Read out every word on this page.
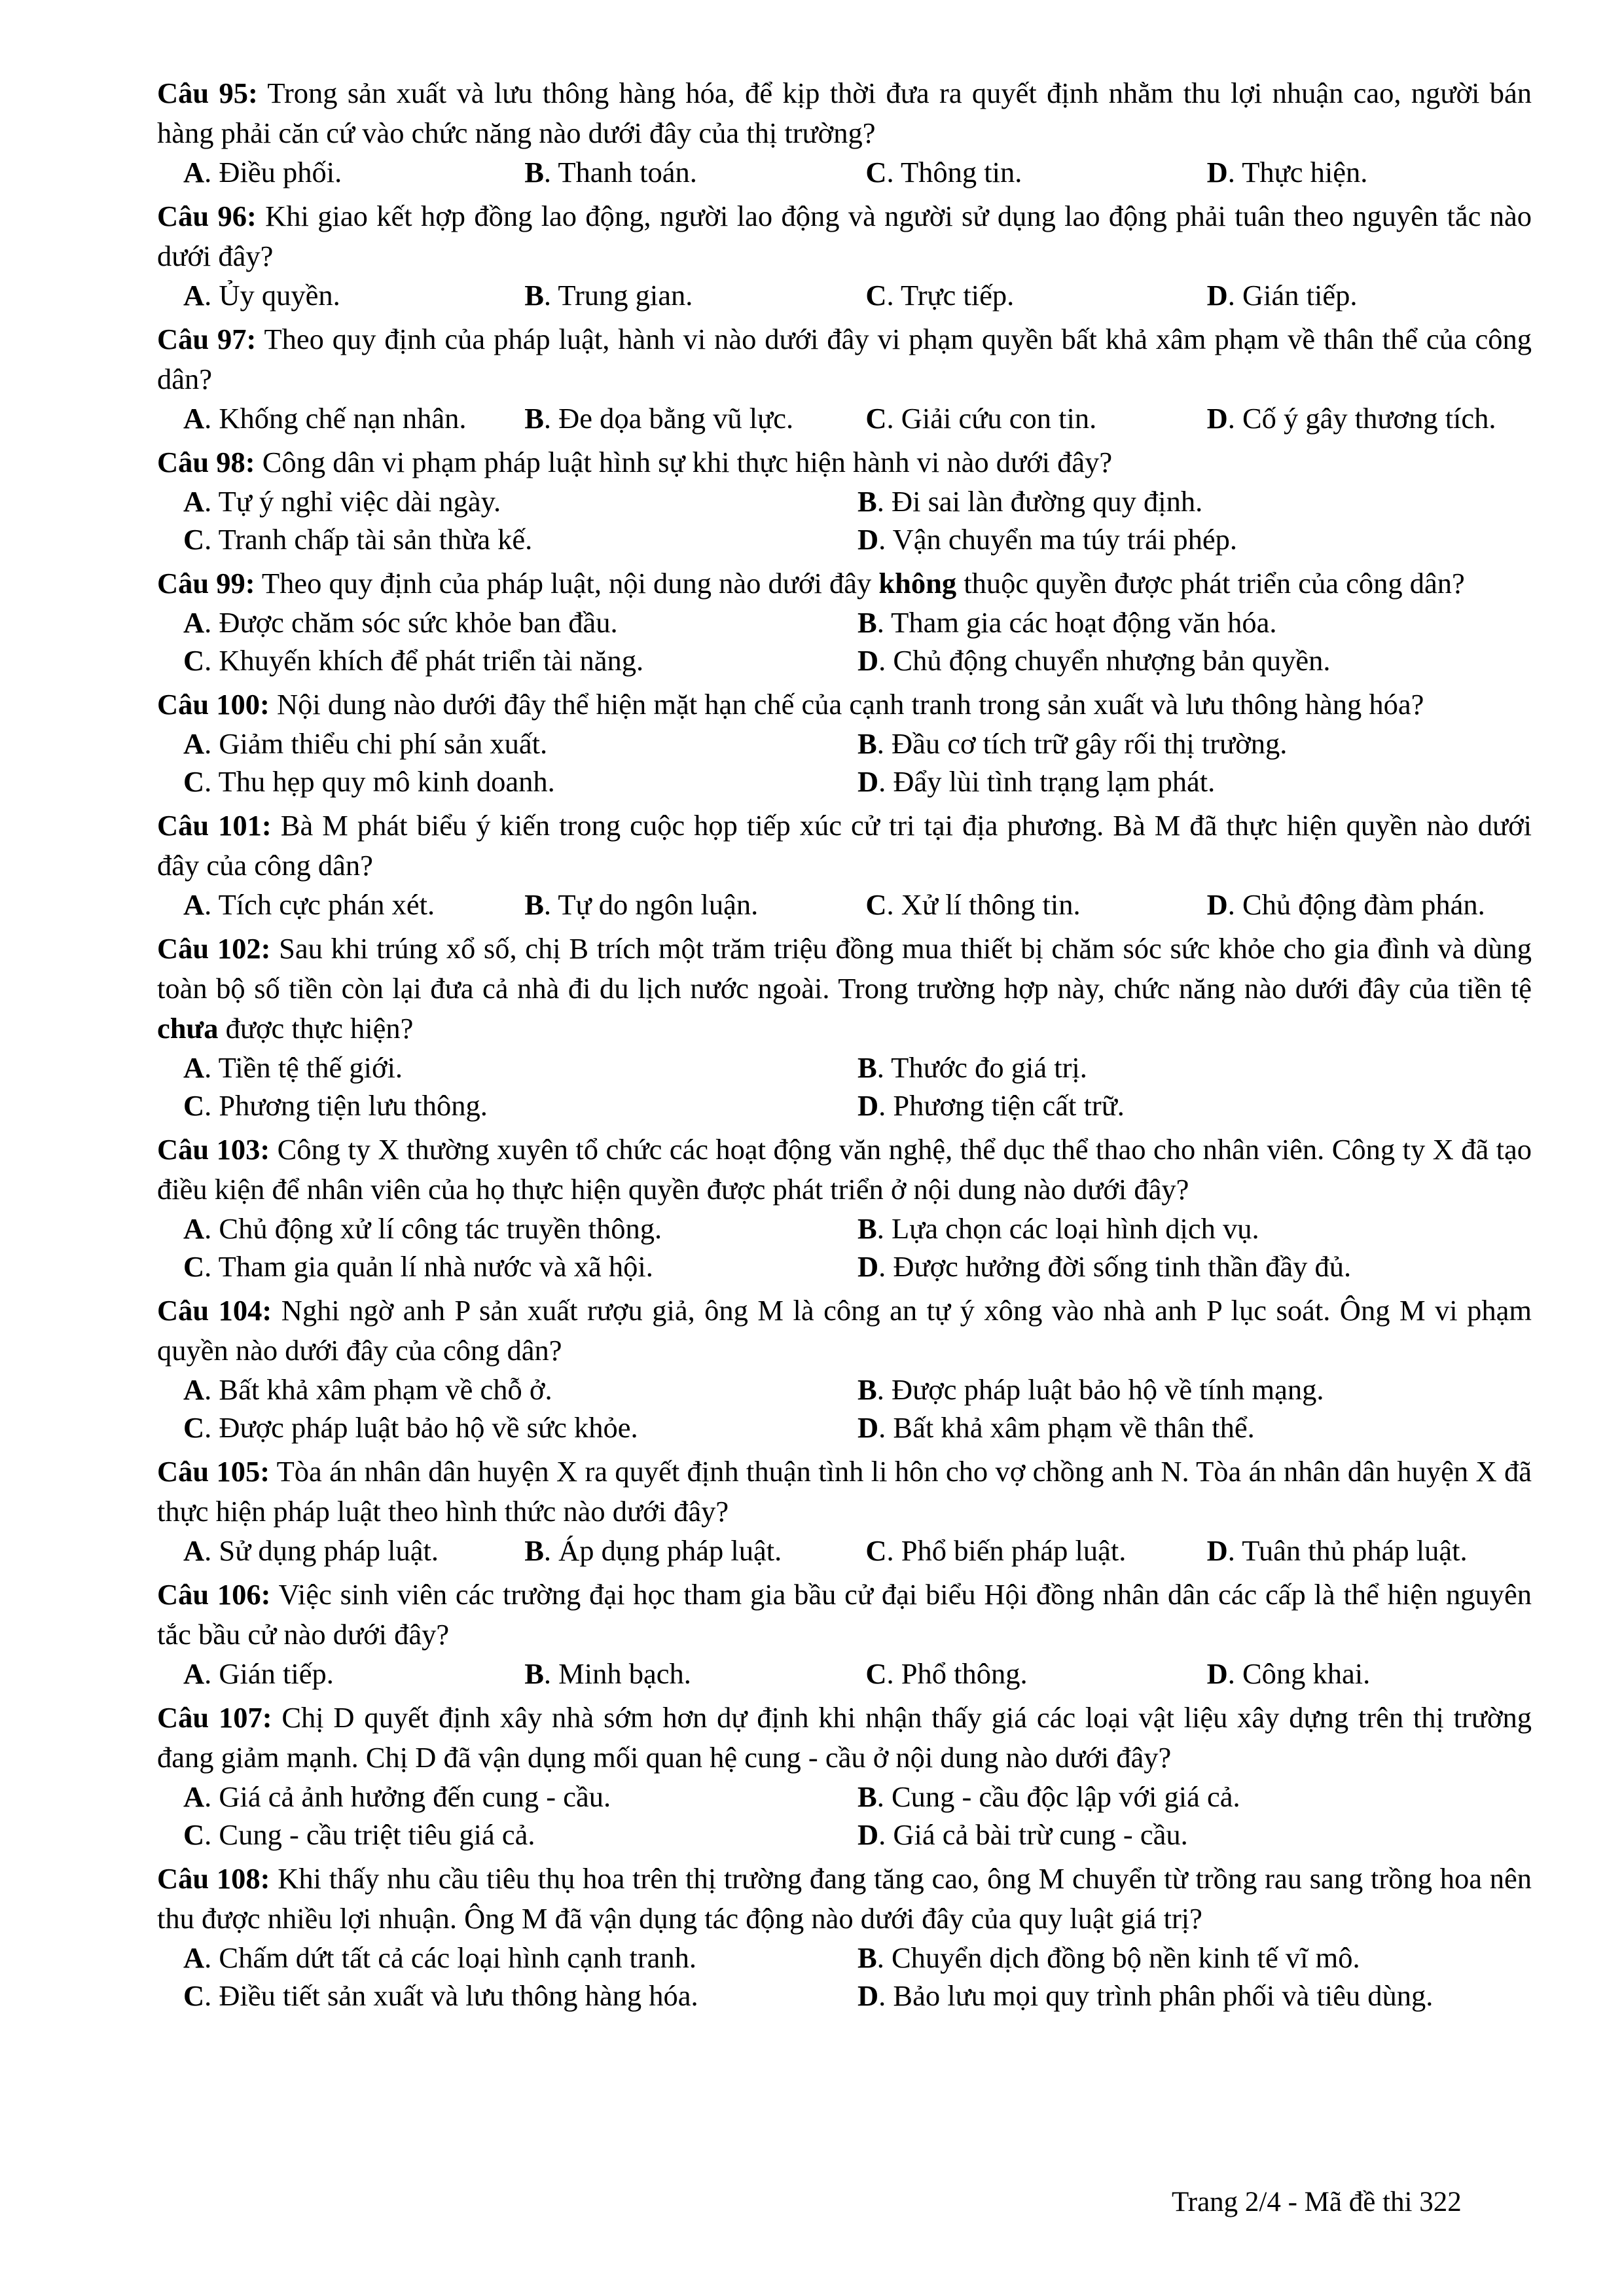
Câu 95: Trong sản xuất và lưu thông hàng hóa, để kịp thời đưa ra quyết định nhằm thu lợi nhuận cao, người bán hàng phải căn cứ vào chức năng nào dưới đây của thị trường?
A. Điều phối.	B. Thanh toán.	C. Thông tin.	D. Thực hiện.
Câu 96: Khi giao kết hợp đồng lao động, người lao động và người sử dụng lao động phải tuân theo nguyên tắc nào dưới đây?
A. Ủy quyền.	B. Trung gian.	C. Trực tiếp.	D. Gián tiếp.
Câu 97: Theo quy định của pháp luật, hành vi nào dưới đây vi phạm quyền bất khả xâm phạm về thân thể của công dân?
A. Khống chế nạn nhân.	B. Đe dọa bằng vũ lực.	C. Giải cứu con tin.	D. Cố ý gây thương tích.
Câu 98: Công dân vi phạm pháp luật hình sự khi thực hiện hành vi nào dưới đây?
A. Tự ý nghỉ việc dài ngày.	B. Đi sai làn đường quy định.
C. Tranh chấp tài sản thừa kế.	D. Vận chuyển ma túy trái phép.
Câu 99: Theo quy định của pháp luật, nội dung nào dưới đây không thuộc quyền được phát triển của công dân?
A. Được chăm sóc sức khỏe ban đầu.	B. Tham gia các hoạt động văn hóa.
C. Khuyến khích để phát triển tài năng.	D. Chủ động chuyển nhượng bản quyền.
Câu 100: Nội dung nào dưới đây thể hiện mặt hạn chế của cạnh tranh trong sản xuất và lưu thông hàng hóa?
A. Giảm thiểu chi phí sản xuất.	B. Đầu cơ tích trữ gây rối thị trường.
C. Thu hẹp quy mô kinh doanh.	D. Đẩy lùi tình trạng lạm phát.
Câu 101: Bà M phát biểu ý kiến trong cuộc họp tiếp xúc cử tri tại địa phương. Bà M đã thực hiện quyền nào dưới đây của công dân?
A. Tích cực phán xét.	B. Tự do ngôn luận.	C. Xử lí thông tin.	D. Chủ động đàm phán.
Câu 102: Sau khi trúng xổ số, chị B trích một trăm triệu đồng mua thiết bị chăm sóc sức khỏe cho gia đình và dùng toàn bộ số tiền còn lại đưa cả nhà đi du lịch nước ngoài. Trong trường hợp này, chức năng nào dưới đây của tiền tệ chưa được thực hiện?
A. Tiền tệ thế giới.	B. Thước đo giá trị.
C. Phương tiện lưu thông.	D. Phương tiện cất trữ.
Câu 103: Công ty X thường xuyên tổ chức các hoạt động văn nghệ, thể dục thể thao cho nhân viên. Công ty X đã tạo điều kiện để nhân viên của họ thực hiện quyền được phát triển ở nội dung nào dưới đây?
A. Chủ động xử lí công tác truyền thông.	B. Lựa chọn các loại hình dịch vụ.
C. Tham gia quản lí nhà nước và xã hội.	D. Được hưởng đời sống tinh thần đầy đủ.
Câu 104: Nghi ngờ anh P sản xuất rượu giả, ông M là công an tự ý xông vào nhà anh P lục soát. Ông M vi phạm quyền nào dưới đây của công dân?
A. Bất khả xâm phạm về chỗ ở.	B. Được pháp luật bảo hộ về tính mạng.
C. Được pháp luật bảo hộ về sức khỏe.	D. Bất khả xâm phạm về thân thể.
Câu 105: Tòa án nhân dân huyện X ra quyết định thuận tình li hôn cho vợ chồng anh N. Tòa án nhân dân huyện X đã thực hiện pháp luật theo hình thức nào dưới đây?
A. Sử dụng pháp luật.	B. Áp dụng pháp luật.	C. Phổ biến pháp luật.	D. Tuân thủ pháp luật.
Câu 106: Việc sinh viên các trường đại học tham gia bầu cử đại biểu Hội đồng nhân dân các cấp là thể hiện nguyên tắc bầu cử nào dưới đây?
A. Gián tiếp.	B. Minh bạch.	C. Phổ thông.	D. Công khai.
Câu 107: Chị D quyết định xây nhà sớm hơn dự định khi nhận thấy giá các loại vật liệu xây dựng trên thị trường đang giảm mạnh. Chị D đã vận dụng mối quan hệ cung - cầu ở nội dung nào dưới đây?
A. Giá cả ảnh hưởng đến cung - cầu.	B. Cung - cầu độc lập với giá cả.
C. Cung - cầu triệt tiêu giá cả.	D. Giá cả bài trừ cung - cầu.
Câu 108: Khi thấy nhu cầu tiêu thụ hoa trên thị trường đang tăng cao, ông M chuyển từ trồng rau sang trồng hoa nên thu được nhiều lợi nhuận. Ông M đã vận dụng tác động nào dưới đây của quy luật giá trị?
A. Chấm dứt tất cả các loại hình cạnh tranh.	B. Chuyển dịch đồng bộ nền kinh tế vĩ mô.
C. Điều tiết sản xuất và lưu thông hàng hóa.	D. Bảo lưu mọi quy trình phân phối và tiêu dùng.
Trang 2/4 - Mã đề thi 322
